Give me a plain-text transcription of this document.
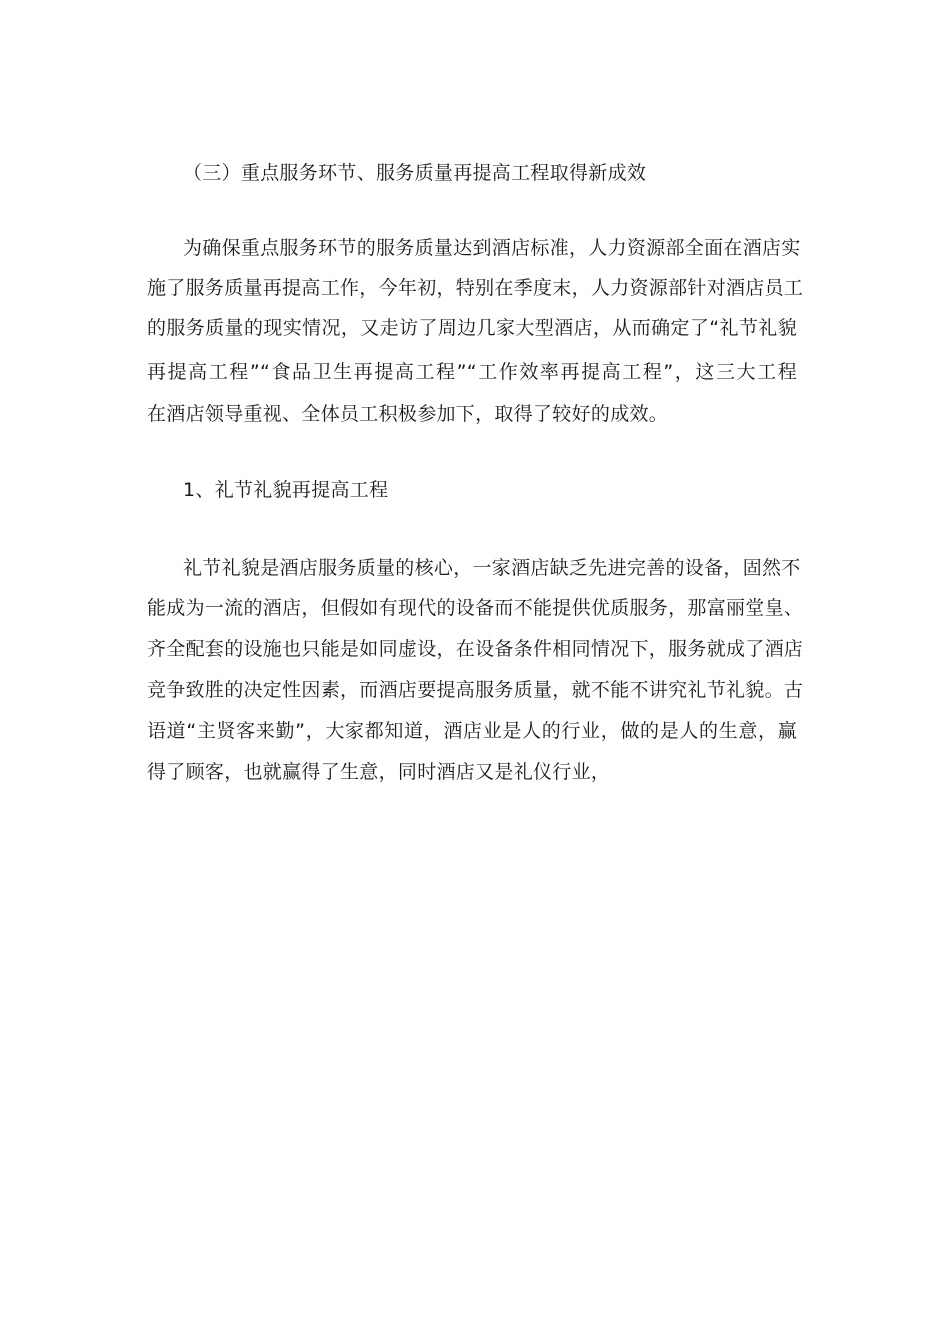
（三）重点服务环节、服务质量再提高工程取得新成效
为确保重点服务环节的服务质量达到酒店标准，人力资源部全面在酒店实
施了服务质量再提高工作，今年初，特别在季度末，人力资源部针对酒店员工
的服务质量的现实情况，又走访了周边几家大型酒店，从而确定了“礼节礼貌
再提高工程”“食品卫生再提高工程”“工作效率再提高工程”，这三大工程
在酒店领导重视、全体员工积极参加下，取得了较好的成效。
1、礼节礼貌再提高工程
礼节礼貌是酒店服务质量的核心，一家酒店缺乏先进完善的设备，固然不
能成为一流的酒店，但假如有现代的设备而不能提供优质服务，那富丽堂皇、
齐全配套的设施也只能是如同虚设，在设备条件相同情况下，服务就成了酒店
竞争致胜的决定性因素，而酒店要提高服务质量，就不能不讲究礼节礼貌。古
语道“主贤客来勤”，大家都知道，酒店业是人的行业，做的是人的生意，赢
得了顾客，也就赢得了生意，同时酒店又是礼仪行业，
